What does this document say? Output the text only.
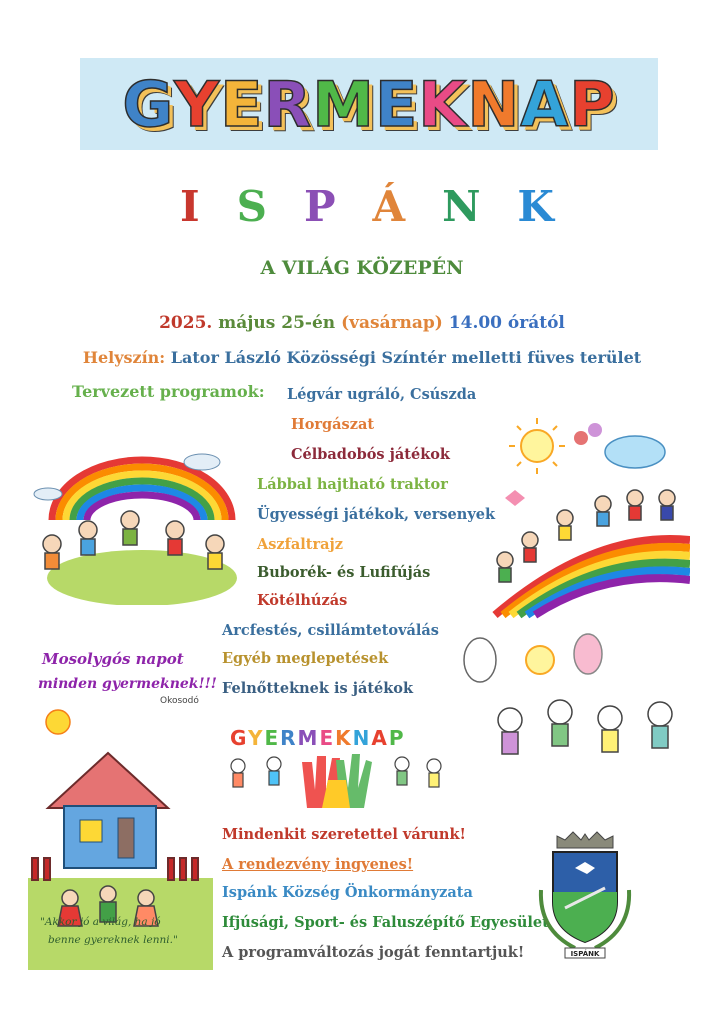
G Y E R M E K N A P
I S P Á N K
A VILÁG KÖZEPÉN
2025. május 25-én (vasárnap) 14.00 órától
Helyszín: Lator László Közösségi Színtér melletti füves terület
Tervezett programok: Légvár ugráló, Csúszda
Horgászat
Célbadobós játékok
Lábbal hajtható traktor
Ügyességi játékok, versenyek
Aszfaltrajz
Buborék- és Lufifújás
Kötélhúzás
Arcfestés, csillámtetoválás
Egyéb meglepetések
Felnőtteknek is játékok
Mindenkit szeretettel várunk!
A rendezvény ingyenes!
Ispánk Község Önkormányzata
Ifjúsági, Sport- és Faluszépítő Egyesület
A programváltozás jogát fenntartjuk!
Mosolygós napot
minden gyermeknek!!!
Okosodó
"Akkor jó a világ, ha jó
benne gyereknek lenni."
GYERMEKNAP
ISPÁNK
